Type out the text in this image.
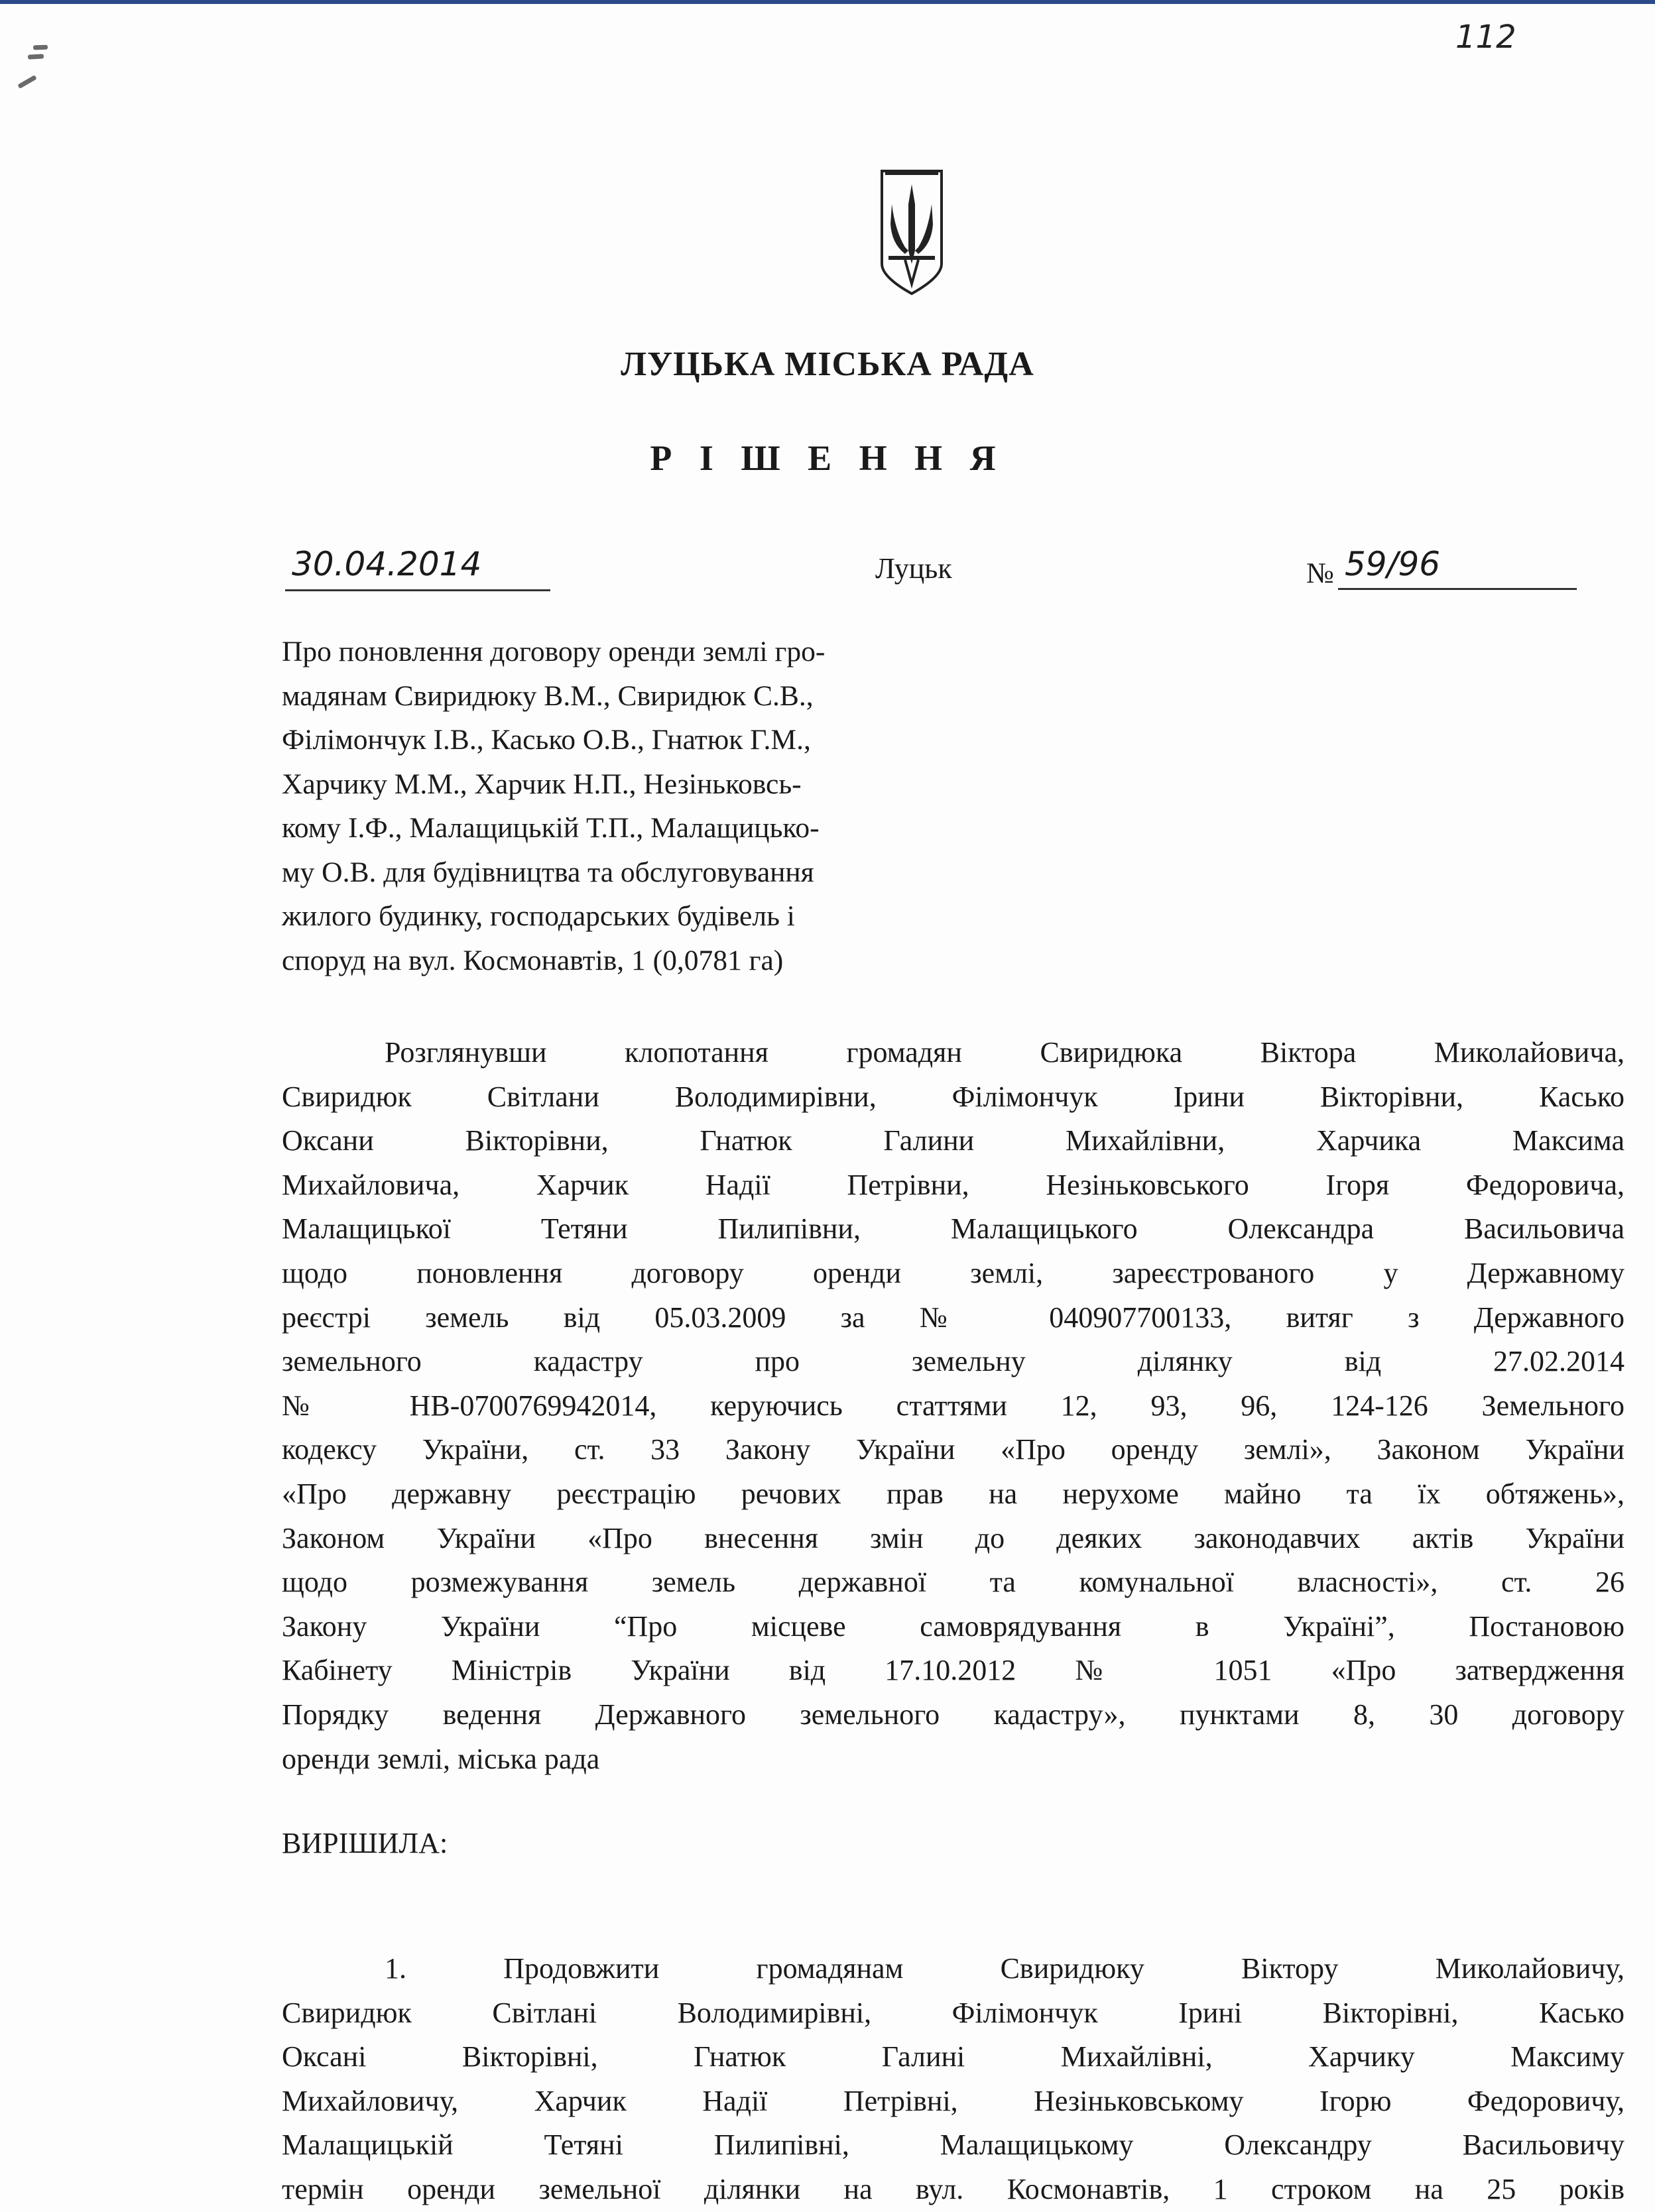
112
ЛУЦЬКА МІСЬКА РАДА
Р І Ш Е Н Н Я
30.04.2014	Луцьк	№ 59/96
Про поновлення договору оренди землі гро-
мадянам Свиридюку В.М., Свиридюк С.В.,
Філімончук І.В., Касько О.В., Гнатюк Г.М.,
Харчику М.М., Харчик Н.П., Незіньковсь-
кому І.Ф., Малащицькій Т.П., Малащицько-
му О.В. для будівництва та обслуговування
жилого будинку, господарських будівель і
споруд на вул. Космонавтів, 1 (0,0781 га)
Розглянувши клопотання громадян Свиридюка Віктора Миколайовича,
Свиридюк Світлани Володимирівни, Філімончук Ірини Вікторівни, Касько
Оксани Вікторівни, Гнатюк Галини Михайлівни, Харчика Максима
Михайловича, Харчик Надії Петрівни, Незіньковського Ігоря Федоровича,
Малащицької Тетяни Пилипівни, Малащицького Олександра Васильовича
щодо поновлення договору оренди землі, зареєстрованого у Державному
реєстрі земель від 05.03.2009 за № 040907700133, витяг з Державного
земельного кадастру про земельну ділянку від 27.02.2014
№ НВ-0700769942014, керуючись статтями 12, 93, 96, 124-126 Земельного
кодексу України, ст. 33 Закону України «Про оренду землі», Законом України
«Про державну реєстрацію речових прав на нерухоме майно та їх обтяжень»,
Законом України «Про внесення змін до деяких законодавчих актів України
щодо розмежування земель державної та комунальної власності», ст. 26
Закону України “Про місцеве самоврядування в Україні”, Постановою
Кабінету Міністрів України від 17.10.2012 № 1051 «Про затвердження
Порядку ведення Державного земельного кадастру», пунктами 8, 30 договору
оренди землі, міська рада
ВИРІШИЛА:
1. Продовжити громадянам Свиридюку Віктору Миколайовичу,
Свиридюк Світлані Володимирівні, Філімончук Ірині Вікторівні, Касько
Оксані Вікторівні, Гнатюк Галині Михайлівні, Харчику Максиму
Михайловичу, Харчик Надії Петрівні, Незіньковському Ігорю Федоровичу,
Малащицькій Тетяні Пилипівні, Малащицькому Олександру Васильовичу
термін оренди земельної ділянки на вул. Космонавтів, 1 строком на 25 років
